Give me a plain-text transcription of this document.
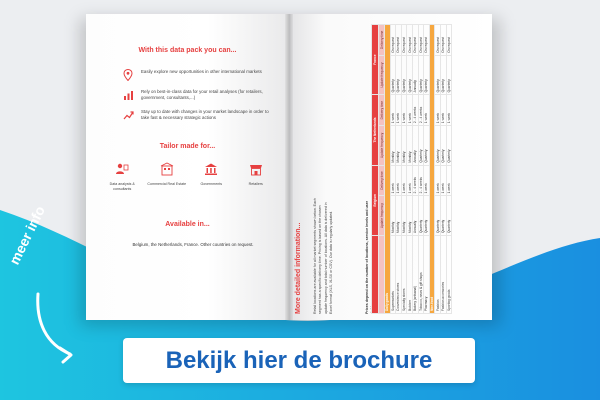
With this data pack you can...
Easily explore new opportunities in other international markets
Rely on best-in-class data for your retail analyses (for retailers, government, consultants,...)
Stay up to date with changes in your market landscape in order to take fast & necessary strategic actions
Tailor made for...
Data analysts & consultants
Commercial Real Estate	Governments	Retailers
Available in...
Belgium, the Netherlands, France. Other countries on request.	More detailed information...	Retail locations are available for all market segments shown below. Each segment has a specific delivery time. Pricing is based on the chosen update frequency and total number of locations. All data is delivered in Excel format (XLS, XLSX or CSV). Our data is regularly updated.	Prices depend on the number of locations, service levels and user
		Belgium		The Netherlands		France	
	Update frequency	Delivery time	Update frequency	Delivery time	Update frequency	Delivery time
Daily goods						
Supermarkets	Monthly	1 week	Monthly	1 week	Quarterly	On request
Convenience stores	Monthly	1 week	Monthly	1 week	Quarterly	On request
Specialty stores	Monthly	1 week	Monthly	1 week	Quarterly	On request
Butcher	Monthly	1 week	Monthly	1 week	Quarterly	On request
Bakery (artisanal)	Annually	2 - 4 weeks	Annually	2 - 4 weeks	Annually	On request
Tobacco, news & gift shops	Quarterly	2 - 4 weeks	Quarterly	2 - 4 weeks	Quarterly	On request
Pharmacy	Quarterly	1 week	Quarterly	1 week	Quarterly	On request
Non-food						
Fashion	Quarterly	1 week	Quarterly	1 week	Quarterly	On request
Fashion accessories	Quarterly	1 week	Quarterly	1 week	Quarterly	On request
Sporting goods	Quarterly	1 week	Quarterly	1 week	Quarterly	On request
meer info
Bekijk hier de brochure
